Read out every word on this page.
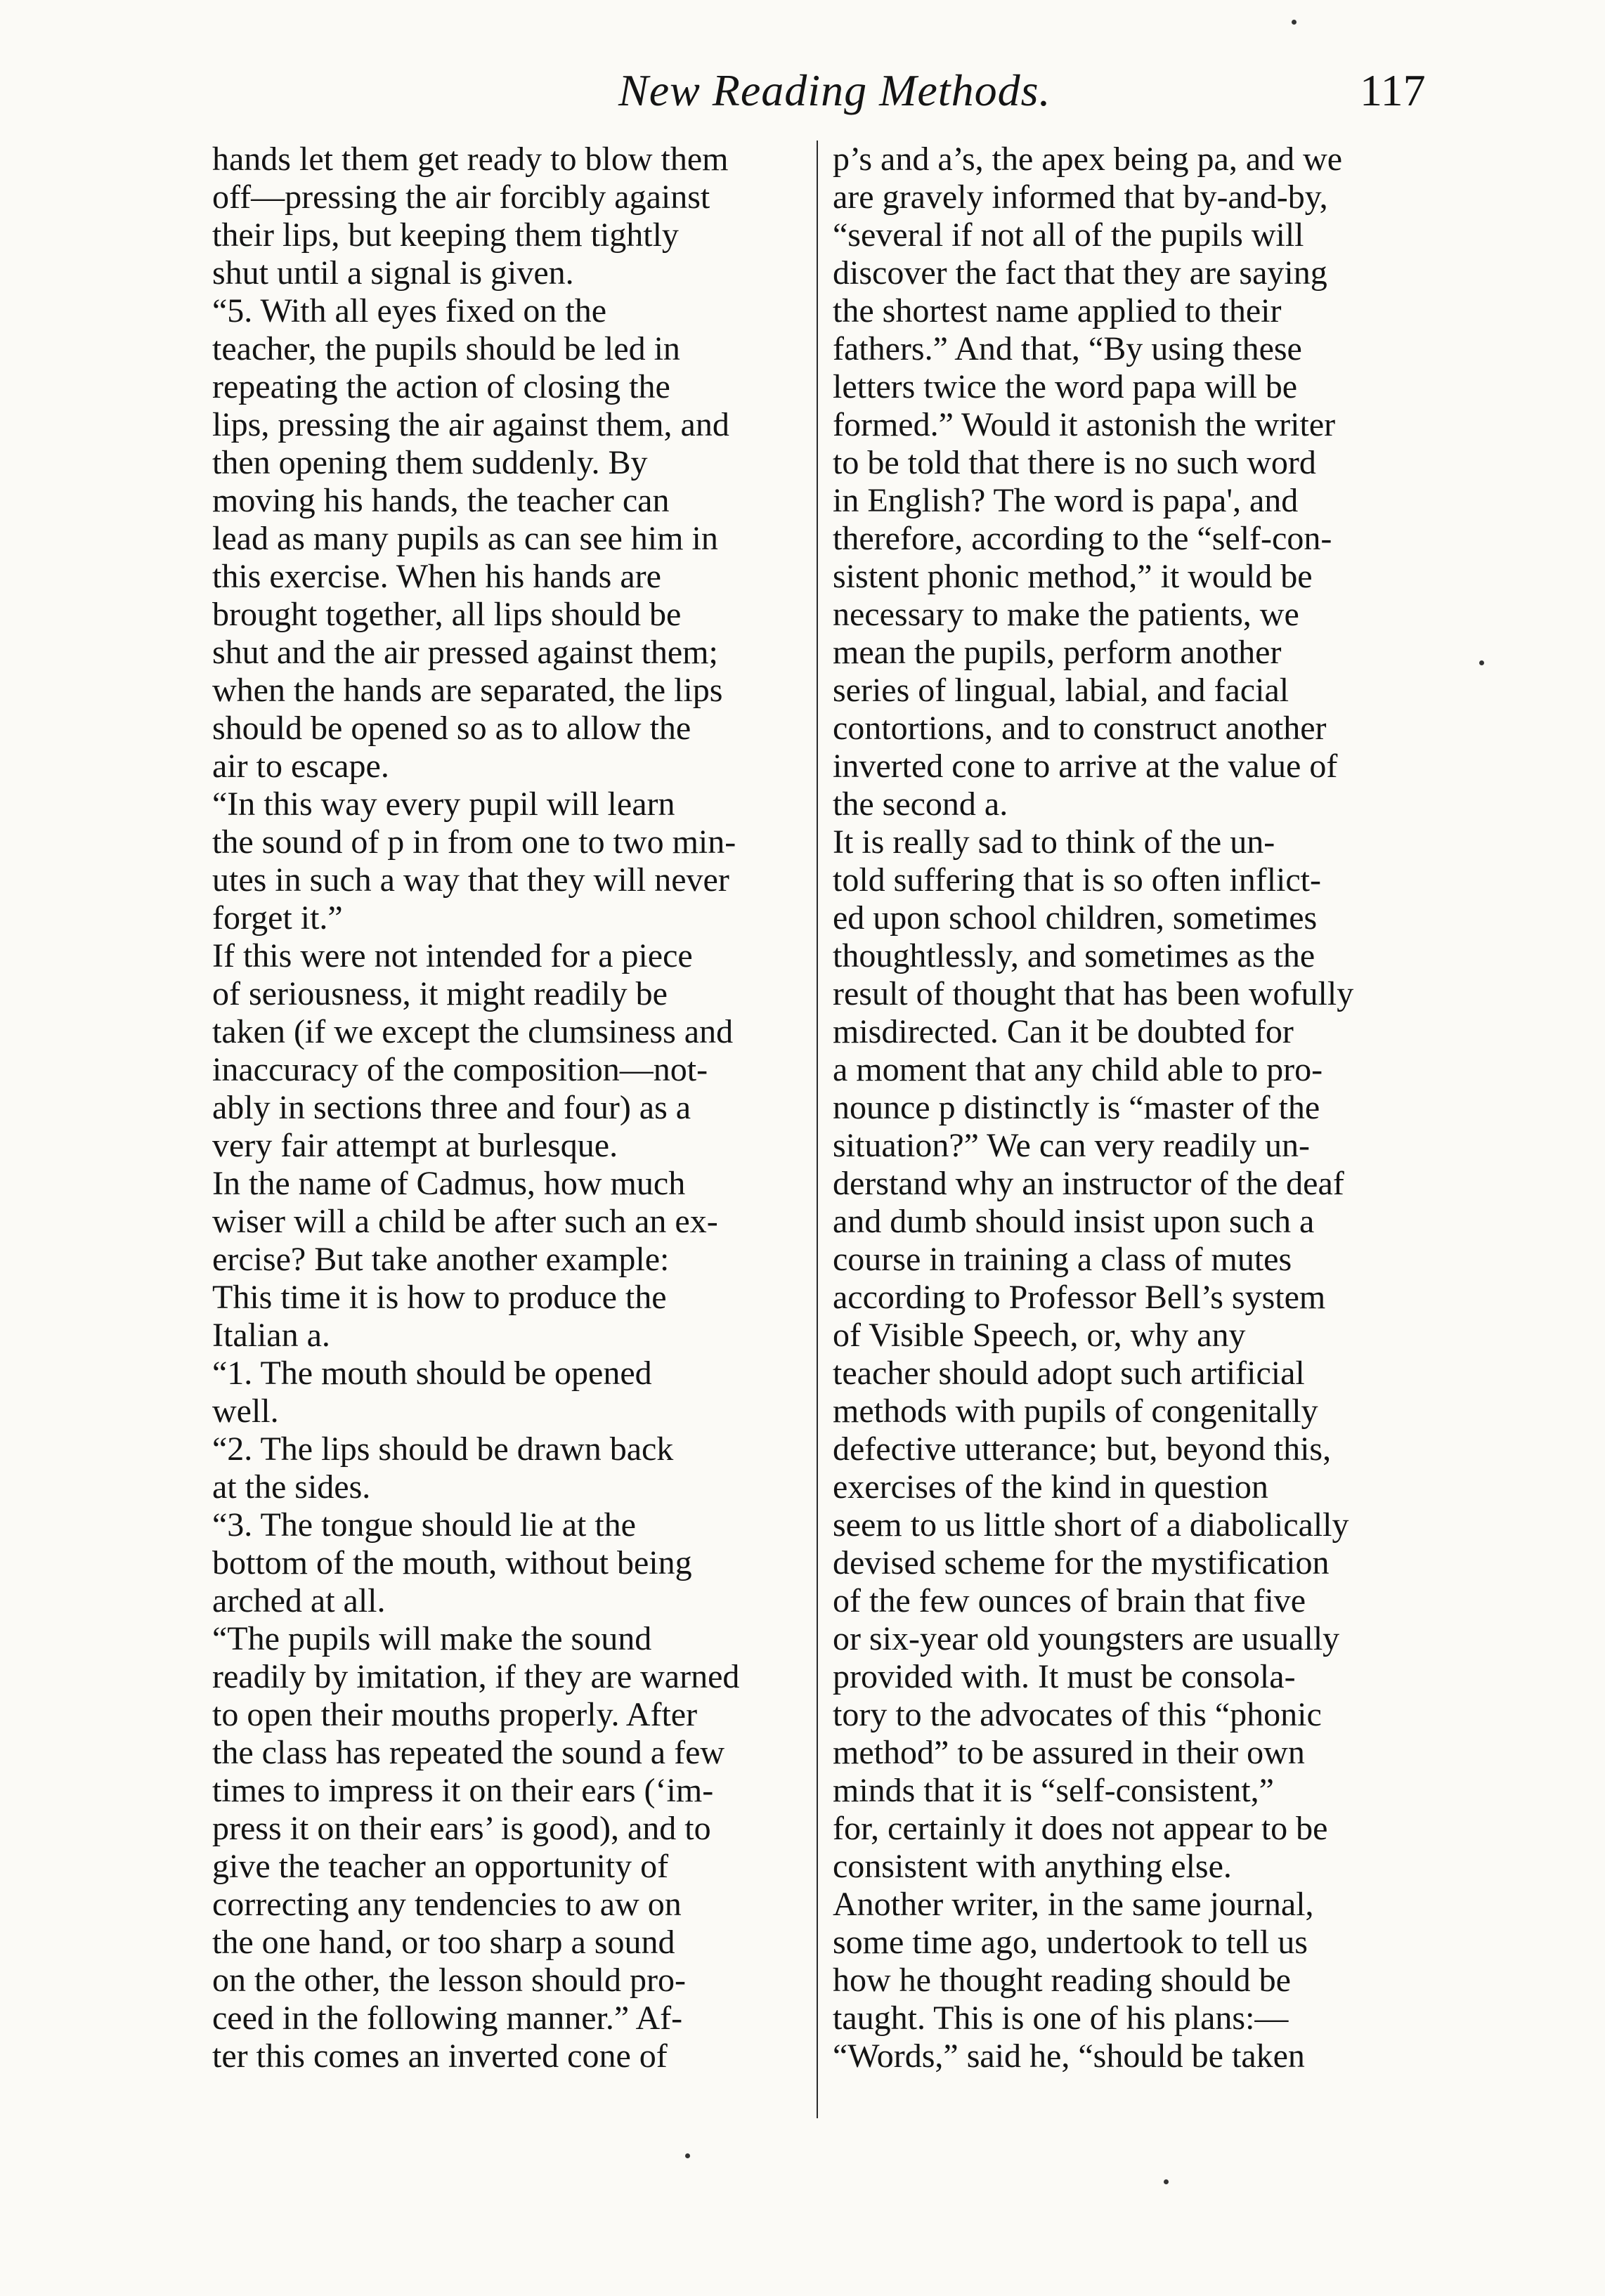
New Reading Methods.	117
hands let them get ready to blow them
off—pressing the air forcibly against
their lips, but keeping them tightly
shut until a signal is given.
“5. With all eyes fixed on the
teacher, the pupils should be led in
repeating the action of closing the
lips, pressing the air against them, and
then opening them suddenly. By
moving his hands, the teacher can
lead as many pupils as can see him in
this exercise. When his hands are
brought together, all lips should be
shut and the air pressed against them;
when the hands are separated, the lips
should be opened so as to allow the
air to escape.
“In this way every pupil will learn
the sound of p in from one to two min-
utes in such a way that they will never
forget it.”
If this were not intended for a piece
of seriousness, it might readily be
taken (if we except the clumsiness and
inaccuracy of the composition—not-
ably in sections three and four) as a
very fair attempt at burlesque.
In the name of Cadmus, how much
wiser will a child be after such an ex-
ercise? But take another example:
This time it is how to produce the
Italian a.
“1. The mouth should be opened
well.
“2. The lips should be drawn back
at the sides.
“3. The tongue should lie at the
bottom of the mouth, without being
arched at all.
“The pupils will make the sound
readily by imitation, if they are warned
to open their mouths properly. After
the class has repeated the sound a few
times to impress it on their ears (‘im-
press it on their ears’ is good), and to
give the teacher an opportunity of
correcting any tendencies to aw on
the one hand, or too sharp a sound
on the other, the lesson should pro-
ceed in the following manner.” Af-
ter this comes an inverted cone of
p’s and a’s, the apex being pa, and we
are gravely informed that by-and-by,
“several if not all of the pupils will
discover the fact that they are saying
the shortest name applied to their
fathers.” And that, “By using these
letters twice the word papa will be
formed.” Would it astonish the writer
to be told that there is no such word
in English? The word is papa', and
therefore, according to the “self-con-
sistent phonic method,” it would be
necessary to make the patients, we
mean the pupils, perform another
series of lingual, labial, and facial
contortions, and to construct another
inverted cone to arrive at the value of
the second a.
It is really sad to think of the un-
told suffering that is so often inflict-
ed upon school children, sometimes
thoughtlessly, and sometimes as the
result of thought that has been wofully
misdirected. Can it be doubted for
a moment that any child able to pro-
nounce p distinctly is “master of the
situation?” We can very readily un-
derstand why an instructor of the deaf
and dumb should insist upon such a
course in training a class of mutes
according to Professor Bell’s system
of Visible Speech, or, why any
teacher should adopt such artificial
methods with pupils of congenitally
defective utterance; but, beyond this,
exercises of the kind in question
seem to us little short of a diabolically
devised scheme for the mystification
of the few ounces of brain that five
or six-year old youngsters are usually
provided with. It must be consola-
tory to the advocates of this “phonic
method” to be assured in their own
minds that it is “self-consistent,”
for, certainly it does not appear to be
consistent with anything else.
Another writer, in the same journal,
some time ago, undertook to tell us
how he thought reading should be
taught. This is one of his plans:—
“Words,” said he, “should be taken
